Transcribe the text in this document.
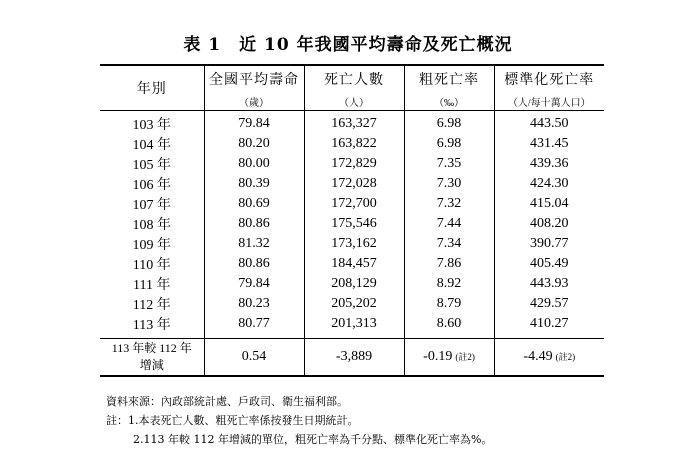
表 1　近 10 年我國平均壽命及死亡概況
年別	全國平均壽命	死亡人數	粗死亡率	標準化死亡率
	（歲）	（人）	（‰）	（人/每十萬人口）
103 年	79.84	163,327	6.98	443.50
104 年	80.20	163,822	6.98	431.45
105 年	80.00	172,829	7.35	439.36
106 年	80.39	172,028	7.30	424.30
107 年	80.69	172,700	7.32	415.04
108 年	80.86	175,546	7.44	408.20
109 年	81.32	173,162	7.34	390.77
110 年	80.86	184,457	7.86	405.49
111 年	79.84	208,129	8.92	443.93
112 年	80.23	205,202	8.79	429.57
113 年	80.77	201,313	8.60	410.27
113 年較 112 年
增減	0.54	-3,889	-0.19 (註2)	-4.49 (註2)
資料來源：內政部統計處、戶政司、衛生福利部。
註：1.本表死亡人數、粗死亡率係按發生日期統計。
2.113 年較 112 年增減的單位，粗死亡率為千分點、標準化死亡率為%。
